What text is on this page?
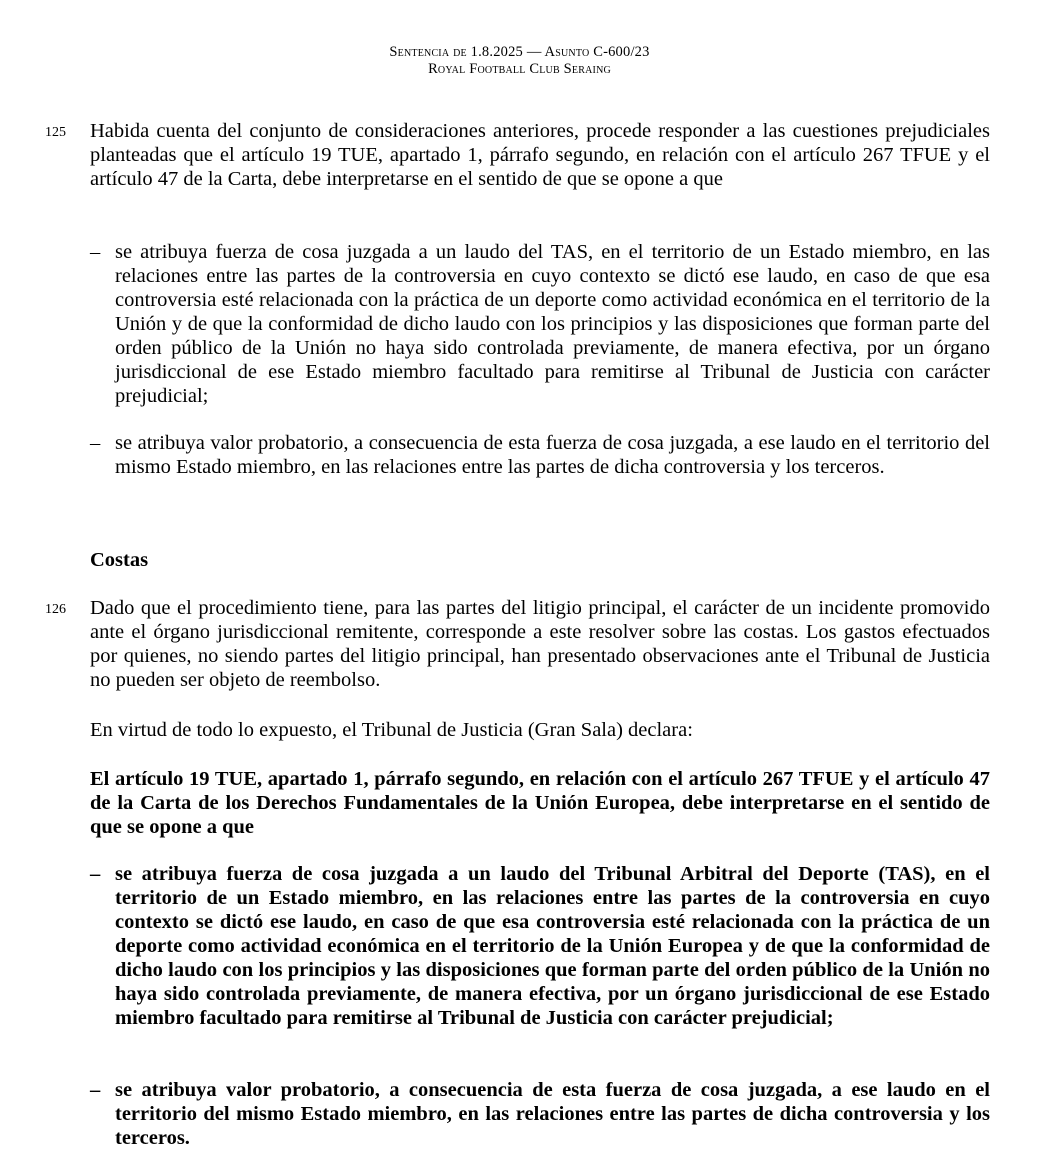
Sentencia de 1.8.2025 — Asunto C-600/23
Royal Football Club Seraing
125 Habida cuenta del conjunto de consideraciones anteriores, procede responder a las cuestiones prejudiciales planteadas que el artículo 19 TUE, apartado 1, párrafo segundo, en relación con el artículo 267 TFUE y el artículo 47 de la Carta, debe interpretarse en el sentido de que se opone a que
– se atribuya fuerza de cosa juzgada a un laudo del TAS, en el territorio de un Estado miembro, en las relaciones entre las partes de la controversia en cuyo contexto se dictó ese laudo, en caso de que esa controversia esté relacionada con la práctica de un deporte como actividad económica en el territorio de la Unión y de que la conformidad de dicho laudo con los principios y las disposiciones que forman parte del orden público de la Unión no haya sido controlada previamente, de manera efectiva, por un órgano jurisdiccional de ese Estado miembro facultado para remitirse al Tribunal de Justicia con carácter prejudicial;
– se atribuya valor probatorio, a consecuencia de esta fuerza de cosa juzgada, a ese laudo en el territorio del mismo Estado miembro, en las relaciones entre las partes de dicha controversia y los terceros.
Costas
126 Dado que el procedimiento tiene, para las partes del litigio principal, el carácter de un incidente promovido ante el órgano jurisdiccional remitente, corresponde a este resolver sobre las costas. Los gastos efectuados por quienes, no siendo partes del litigio principal, han presentado observaciones ante el Tribunal de Justicia no pueden ser objeto de reembolso.
En virtud de todo lo expuesto, el Tribunal de Justicia (Gran Sala) declara:
El artículo 19 TUE, apartado 1, párrafo segundo, en relación con el artículo 267 TFUE y el artículo 47 de la Carta de los Derechos Fundamentales de la Unión Europea, debe interpretarse en el sentido de que se opone a que
– se atribuya fuerza de cosa juzgada a un laudo del Tribunal Arbitral del Deporte (TAS), en el territorio de un Estado miembro, en las relaciones entre las partes de la controversia en cuyo contexto se dictó ese laudo, en caso de que esa controversia esté relacionada con la práctica de un deporte como actividad económica en el territorio de la Unión Europea y de que la conformidad de dicho laudo con los principios y las disposiciones que forman parte del orden público de la Unión no haya sido controlada previamente, de manera efectiva, por un órgano jurisdiccional de ese Estado miembro facultado para remitirse al Tribunal de Justicia con carácter prejudicial;
– se atribuya valor probatorio, a consecuencia de esta fuerza de cosa juzgada, a ese laudo en el territorio del mismo Estado miembro, en las relaciones entre las partes de dicha controversia y los terceros.
